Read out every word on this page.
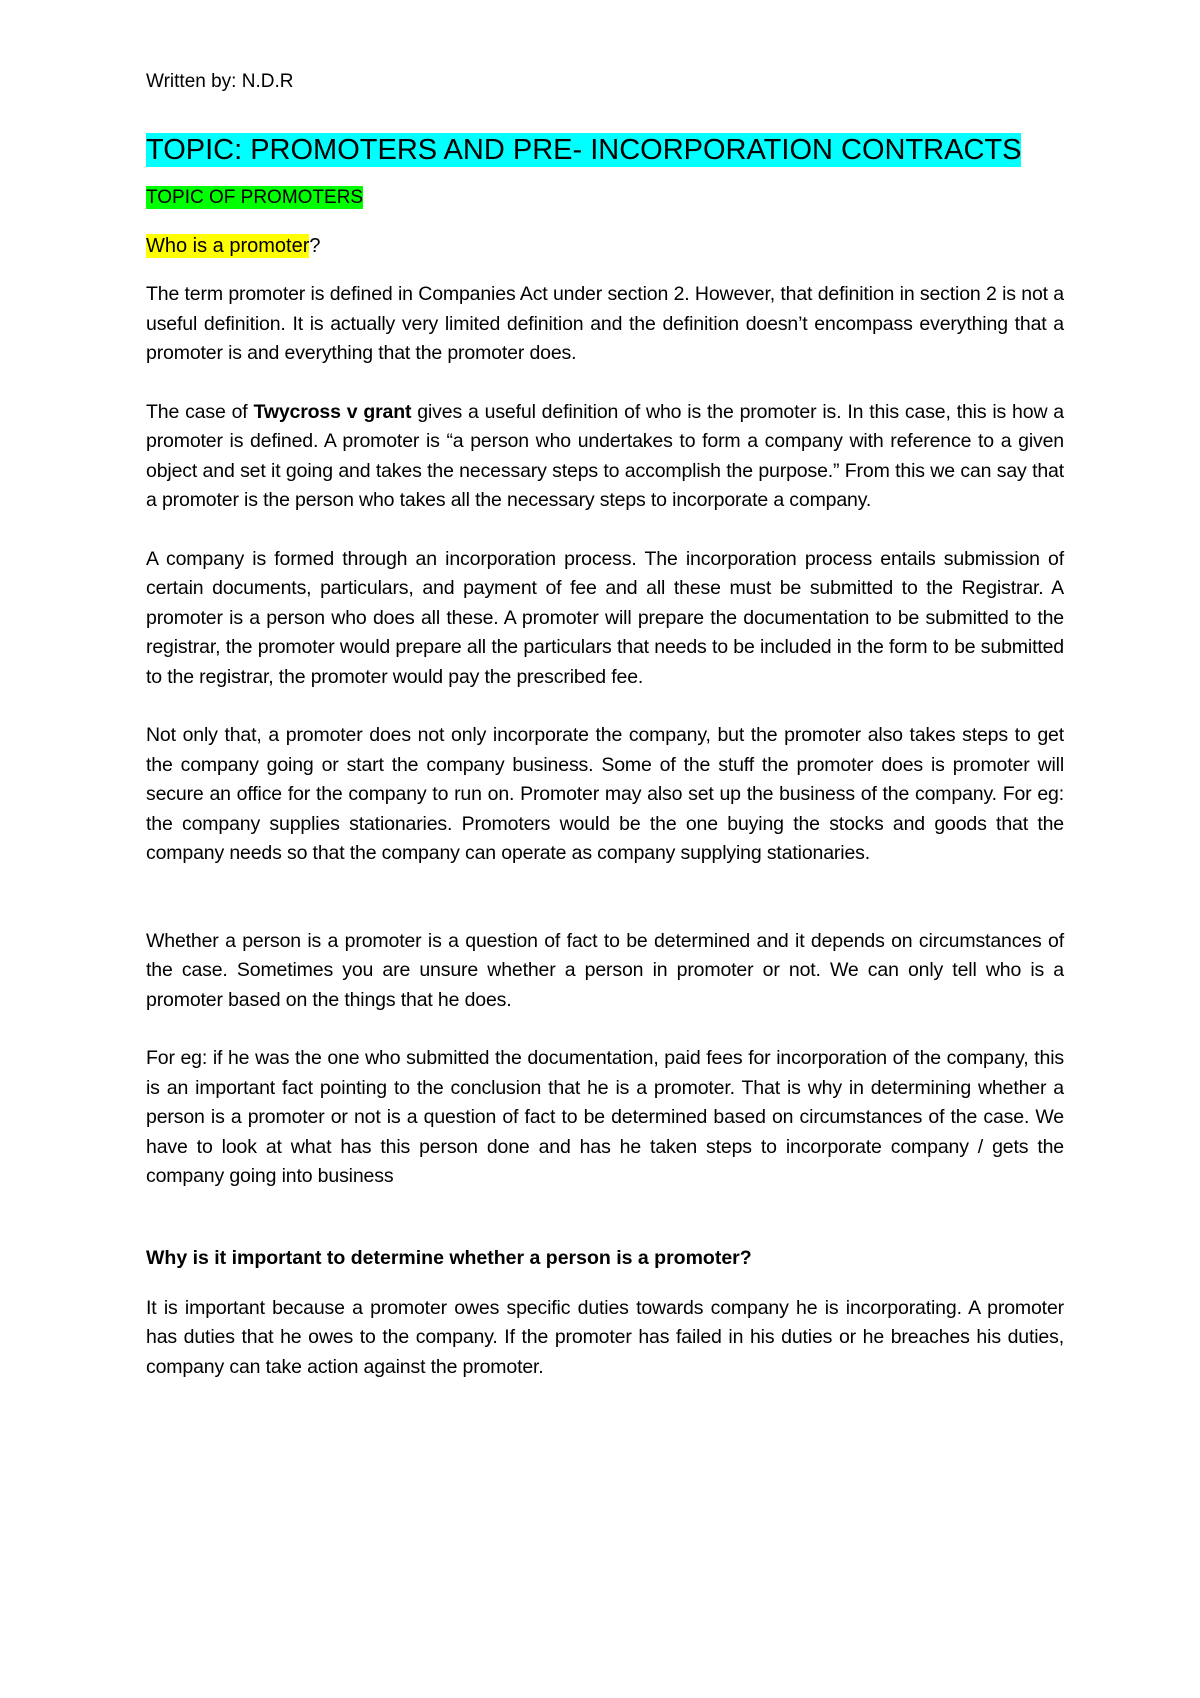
Written by: N.D.R
TOPIC: PROMOTERS AND PRE- INCORPORATION CONTRACTS
TOPIC OF PROMOTERS
Who is a promoter?

The term promoter is defined in Companies Act under section 2. However, that definition in section 2 is not a useful definition. It is actually very limited definition and the definition doesn’t encompass everything that a promoter is and everything that the promoter does.

The case of Twycross v grant gives a useful definition of who is the promoter is. In this case, this is how a promoter is defined. A promoter is “a person who undertakes to form a company with reference to a given object and set it going and takes the necessary steps to accomplish the purpose.” From this we can say that a promoter is the person who takes all the necessary steps to incorporate a company.

A company is formed through an incorporation process. The incorporation process entails submission of certain documents, particulars, and payment of fee and all these must be submitted to the Registrar. A promoter is a person who does all these. A promoter will prepare the documentation to be submitted to the registrar, the promoter would prepare all the particulars that needs to be included in the form to be submitted to the registrar, the promoter would pay the prescribed fee.

Not only that, a promoter does not only incorporate the company, but the promoter also takes steps to get the company going or start the company business. Some of the stuff the promoter does is promoter will secure an office for the company to run on. Promoter may also set up the business of the company. For eg: the company supplies stationaries. Promoters would be the one buying the stocks and goods that the company needs so that the company can operate as company supplying stationaries.

Whether a person is a promoter is a question of fact to be determined and it depends on circumstances of the case. Sometimes you are unsure whether a person in promoter or not. We can only tell who is a promoter based on the things that he does.

For eg: if he was the one who submitted the documentation, paid fees for incorporation of the company, this is an important fact pointing to the conclusion that he is a promoter. That is why in determining whether a person is a promoter or not is a question of fact to be determined based on circumstances of the case. We have to look at what has this person done and has he taken steps to incorporate company / gets the company going into business

Why is it important to determine whether a person is a promoter?

It is important because a promoter owes specific duties towards company he is incorporating. A promoter has duties that he owes to the company. If the promoter has failed in his duties or he breaches his duties, company can take action against the promoter.
